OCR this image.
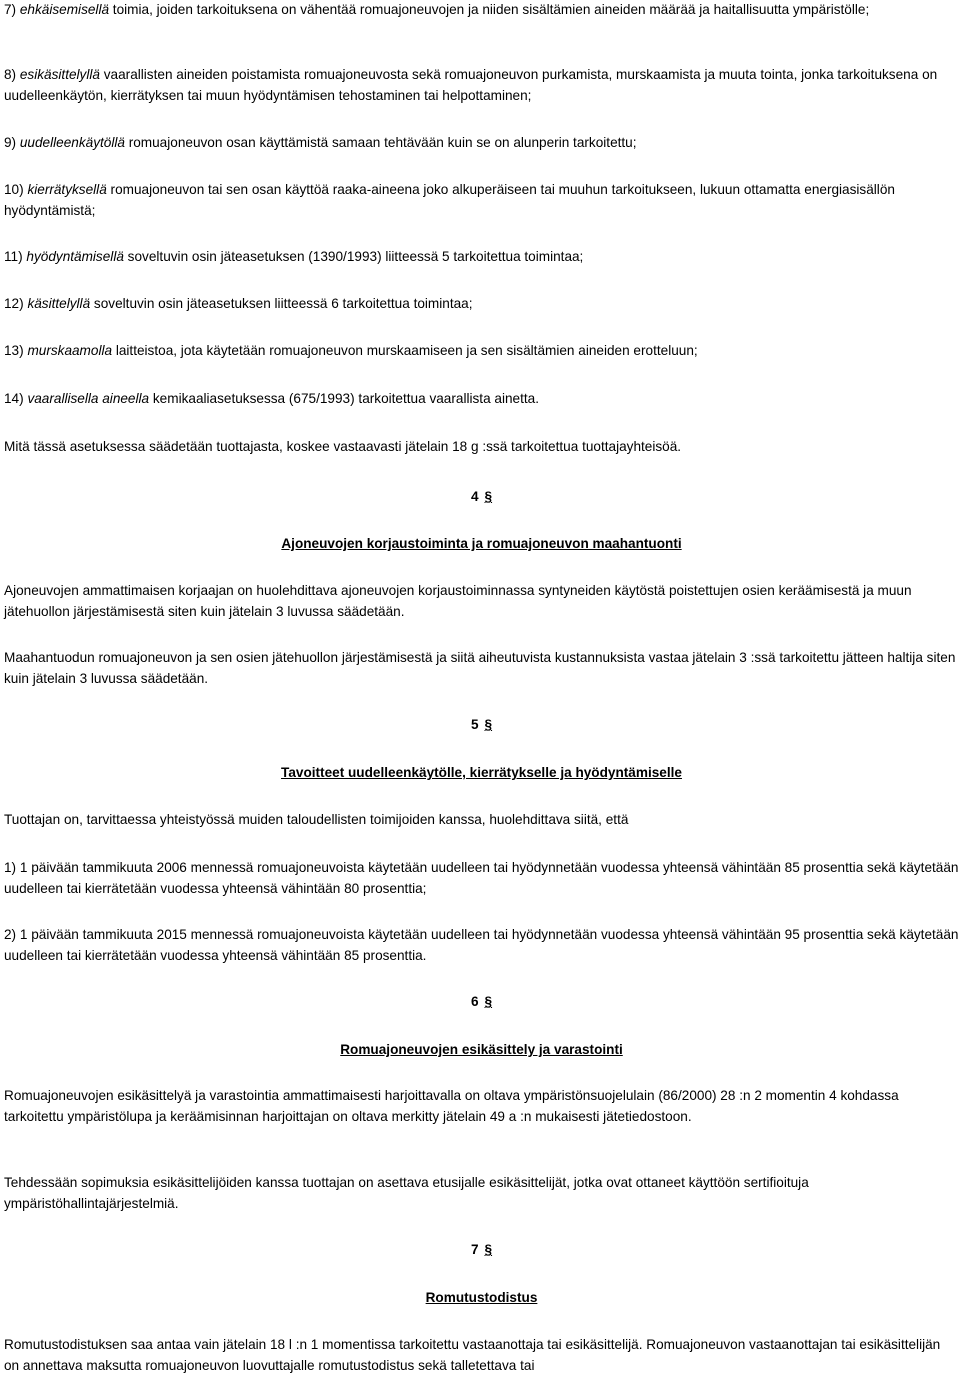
7) ehkäisemisellä toimia, joiden tarkoituksena on vähentää romuajoneuvojen ja niiden sisältämien aineiden määrää ja haitallisuutta ympäristölle;

8) esikäsittelyllä vaarallisten aineiden poistamista romuajoneuvosta sekä romuajoneuvon purkamista, murskaamista ja muuta tointa, jonka tarkoituksena on uudelleenkäytön, kierrätyksen tai muun hyödyntämisen tehostaminen tai helpottaminen;

9) uudelleenkäytöllä romuajoneuvon osan käyttämistä samaan tehtävään kuin se on alunperin tarkoitettu;

10) kierrätyksellä romuajoneuvon tai sen osan käyttöä raaka-aineena joko alkuperäiseen tai muuhun tarkoitukseen, lukuun ottamatta energiasisällön hyödyntämistä;

11) hyödyntämisellä soveltuvin osin jäteasetuksen (1390/1993) liitteessä 5 tarkoitettua toimintaa;

12) käsittelyllä soveltuvin osin jäteasetuksen liitteessä 6 tarkoitettua toimintaa;

13) murskaamolla laitteistoa, jota käytetään romuajoneuvon murskaamiseen ja sen sisältämien aineiden erotteluun;

14) vaarallisella aineella kemikaaliasetuksessa (675/1993) tarkoitettua vaarallista ainetta.

Mitä tässä asetuksessa säädetään tuottajasta, koskee vastaavasti jätelain 18 g :ssä tarkoitettua tuottajayhteisöä.

4 §

Ajoneuvojen korjaustoiminta ja romuajoneuvon maahantuonti

Ajoneuvojen ammattimaisen korjaajan on huolehdittava ajoneuvojen korjaustoiminnassa syntyneiden käytöstä poistettujen osien keräämisestä ja muun jätehuollon järjestämisestä siten kuin jätelain 3 luvussa säädetään.

Maahantuodun romuajoneuvon ja sen osien jätehuollon järjestämisestä ja siitä aiheutuvista kustannuksista vastaa jätelain 3 :ssä tarkoitettu jätteen haltija siten kuin jätelain 3 luvussa säädetään.

5 §

Tavoitteet uudelleenkäytölle, kierrätykselle ja hyödyntämiselle

Tuottajan on, tarvittaessa yhteistyössä muiden taloudellisten toimijoiden kanssa, huolehdittava siitä, että

1) 1 päivään tammikuuta 2006 mennessä romuajoneuvoista käytetään uudelleen tai hyödynnetään vuodessa yhteensä vähintään 85 prosenttia sekä käytetään uudelleen tai kierrätetään vuodessa yhteensä vähintään 80 prosenttia;

2) 1 päivään tammikuuta 2015 mennessä romuajoneuvoista käytetään uudelleen tai hyödynnetään vuodessa yhteensä vähintään 95 prosenttia sekä käytetään uudelleen tai kierrätetään vuodessa yhteensä vähintään 85 prosenttia.

6 §

Romuajoneuvojen esikäsittely ja varastointi

Romuajoneuvojen esikäsittelyä ja varastointia ammattimaisesti harjoittavalla on oltava ympäristönsuojelulain (86/2000) 28 :n 2 momentin 4 kohdassa tarkoitettu ympäristölupa ja keräämisinnan harjoittajan on oltava merkitty jätelain 49 a :n mukaisesti jätetiedostoon.

Tehdessään sopimuksia esikäsittelijöiden kanssa tuottajan on asettava etusijalle esikäsittelijät, jotka ovat ottaneet käyttöön sertifioituja ympäristöhallintajärjestelmiä.

7 §

Romutustodistus

Romutustodistuksen saa antaa vain jätelain 18 l :n 1 momentissa tarkoitettu vastaanottaja tai esikäsittelijä. Romuajoneuvon vastaanottajan tai esikäsittelijän on annettava maksutta romuajoneuvon luovuttajalle romutustodistus sekä talletettava tai
